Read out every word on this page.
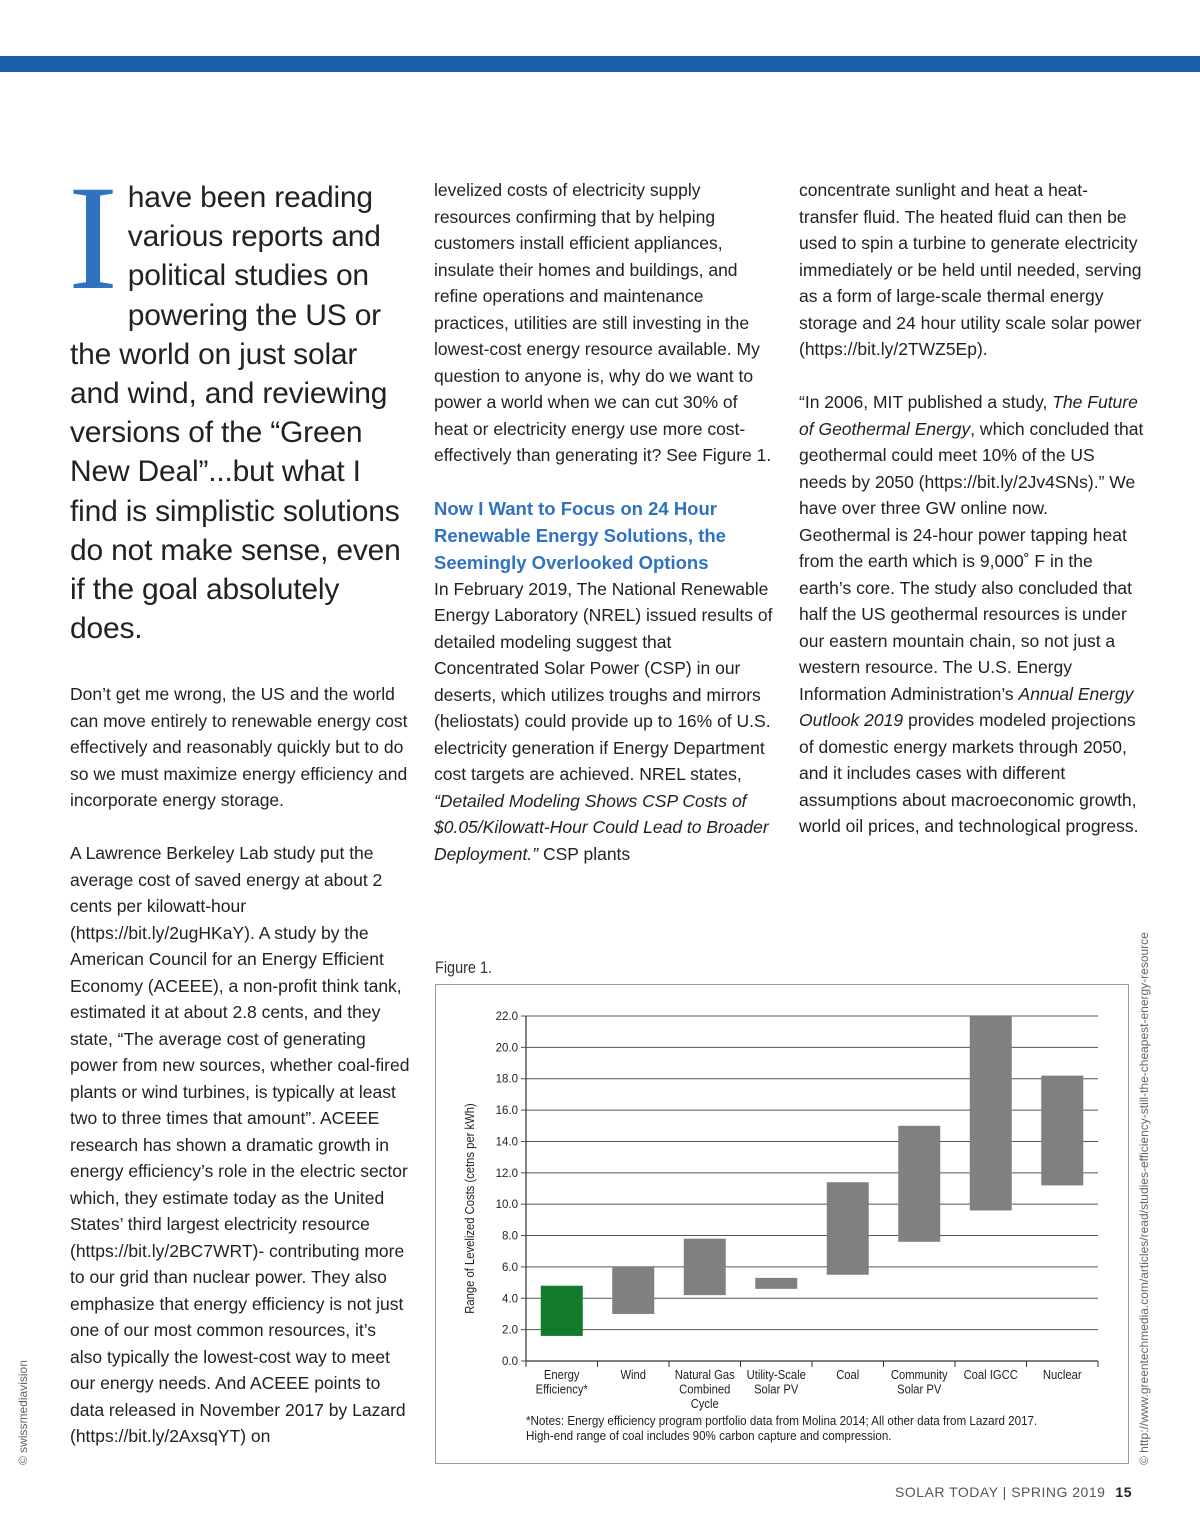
Ihave been reading various reports and political studies on powering the US or the world on just solar and wind, and reviewing versions of the “Green New Deal”...but what I find is simplistic solutions do not make sense, even if the goal absolutely does.

Don’t get me wrong, the US and the world can move entirely to renewable energy cost effectively and reasonably quickly but to do so we must maximize energy efficiency and incorporate energy storage.

A Lawrence Berkeley Lab study put the average cost of saved energy at about 2 cents per kilowatt-hour (https://bit.ly/2ugHKaY). A study by the American Council for an Energy Efficient Economy (ACEEE), a non-profit think tank, estimated it at about 2.8 cents, and they state, “The average cost of generating power from new sources, whether coal-fired plants or wind turbines, is typically at least two to three times that amount”. ACEEE research has shown a dramatic growth in energy efficiency’s role in the electric sector which, they estimate today as the United States’ third largest electricity resource (https://bit.ly/2BC7WRT)- contributing more to our grid than nuclear power. They also emphasize that energy efficiency is not just one of our most common resources, it’s also typically the lowest-cost way to meet our energy needs. And ACEEE points to data released in November 2017 by Lazard (https://bit.ly/2AxsqYT) on

levelized costs of electricity supply resources confirming that by helping customers install efficient appliances, insulate their homes and buildings, and refine operations and maintenance practices, utilities are still investing in the lowest-cost energy resource available. My question to anyone is, why do we want to power a world when we can cut 30% of heat or electricity energy use more cost-effectively than generating it? See Figure 1.

Now I Want to Focus on 24 Hour Renewable Energy Solutions, the Seemingly Overlooked Options

In February 2019, The National Renewable Energy Laboratory (NREL) issued results of detailed modeling suggest that Concentrated Solar Power (CSP) in our deserts, which utilizes troughs and mirrors (heliostats) could provide up to 16% of U.S. electricity generation if Energy Department cost targets are achieved. NREL states, “Detailed Modeling Shows CSP Costs of $0.05/Kilowatt-Hour Could Lead to Broader Deployment.” CSP plants

concentrate sunlight and heat a heat-transfer fluid. The heated fluid can then be used to spin a turbine to generate electricity immediately or be held until needed, serving as a form of large-scale thermal energy storage and 24 hour utility scale solar power (https://bit.ly/2TWZ5Ep).

“In 2006, MIT published a study, The Future of Geothermal Energy, which concluded that geothermal could meet 10% of the US needs by 2050 (https://bit.ly/2Jv4SNs).” We have over three GW online now. Geothermal is 24-hour power tapping heat from the earth which is 9,000˚ F in the earth’s core. The study also concluded that half the US geothermal resources is under our eastern mountain chain, so not just a western resource. The U.S. Energy Information Administration’s Annual Energy Outlook 2019 provides modeled projections of domestic energy markets through 2050, and it includes cases with different assumptions about macroeconomic growth, world oil prices, and technological progress.

Figure 1.
0.0
2.0
4.0
6.0
8.0
10.0
12.0
14.0
16.0
18.0
20.0
22.0
Energy
Efficiency*
Wind Natural Gas
Combined
Cycle
Utility-Scale
Solar PV
Coal	Community
Solar PV
Coal IGCC Nuclear
Range of Levelized Costs (cetns per kWh)
*Notes: Energy efficiency program portfolio data from Molina 2014; All other data from Lazard 2017.
High-end range of coal includes 90% carbon capture and compression.
© swissmediavision	© http://www.greentechmedia.com/articles/read/studies-efficiency-still-the-cheapest-energy-resource
SOLAR TODAY | SPRING 2019 15
